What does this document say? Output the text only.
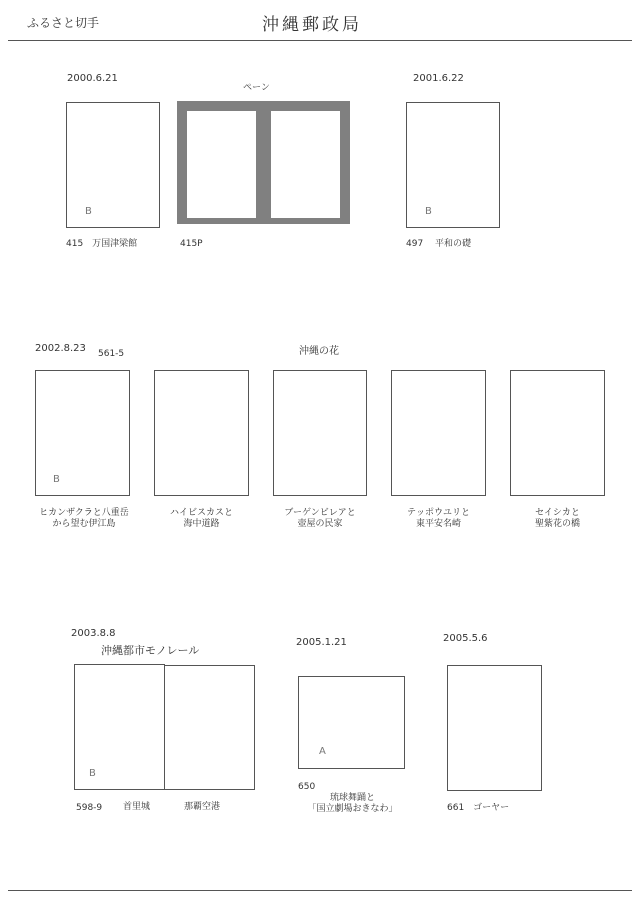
ふるさと切手	沖縄郵政局
2000.6.21
ペーン
2001.6.22
B	B
415　万国津梁館	415P	497　 平和の礎
2002.8.23 561-5	沖縄の花
B
ヒカンザクラと八重岳
から望む伊江島
ハイビスカスと
海中道路
ブーゲンビレアと
壺屋の民家
テッポウユリと
東平安名崎
セイシカと
聖紫花の橋
2003.8.8
沖縄都市モノレール
2005.1.21	2005.5.6
B
A
598-9 首里城	那覇空港
650
琉球舞踊と
「国立劇場おきなわ」	661　ゴーヤー
